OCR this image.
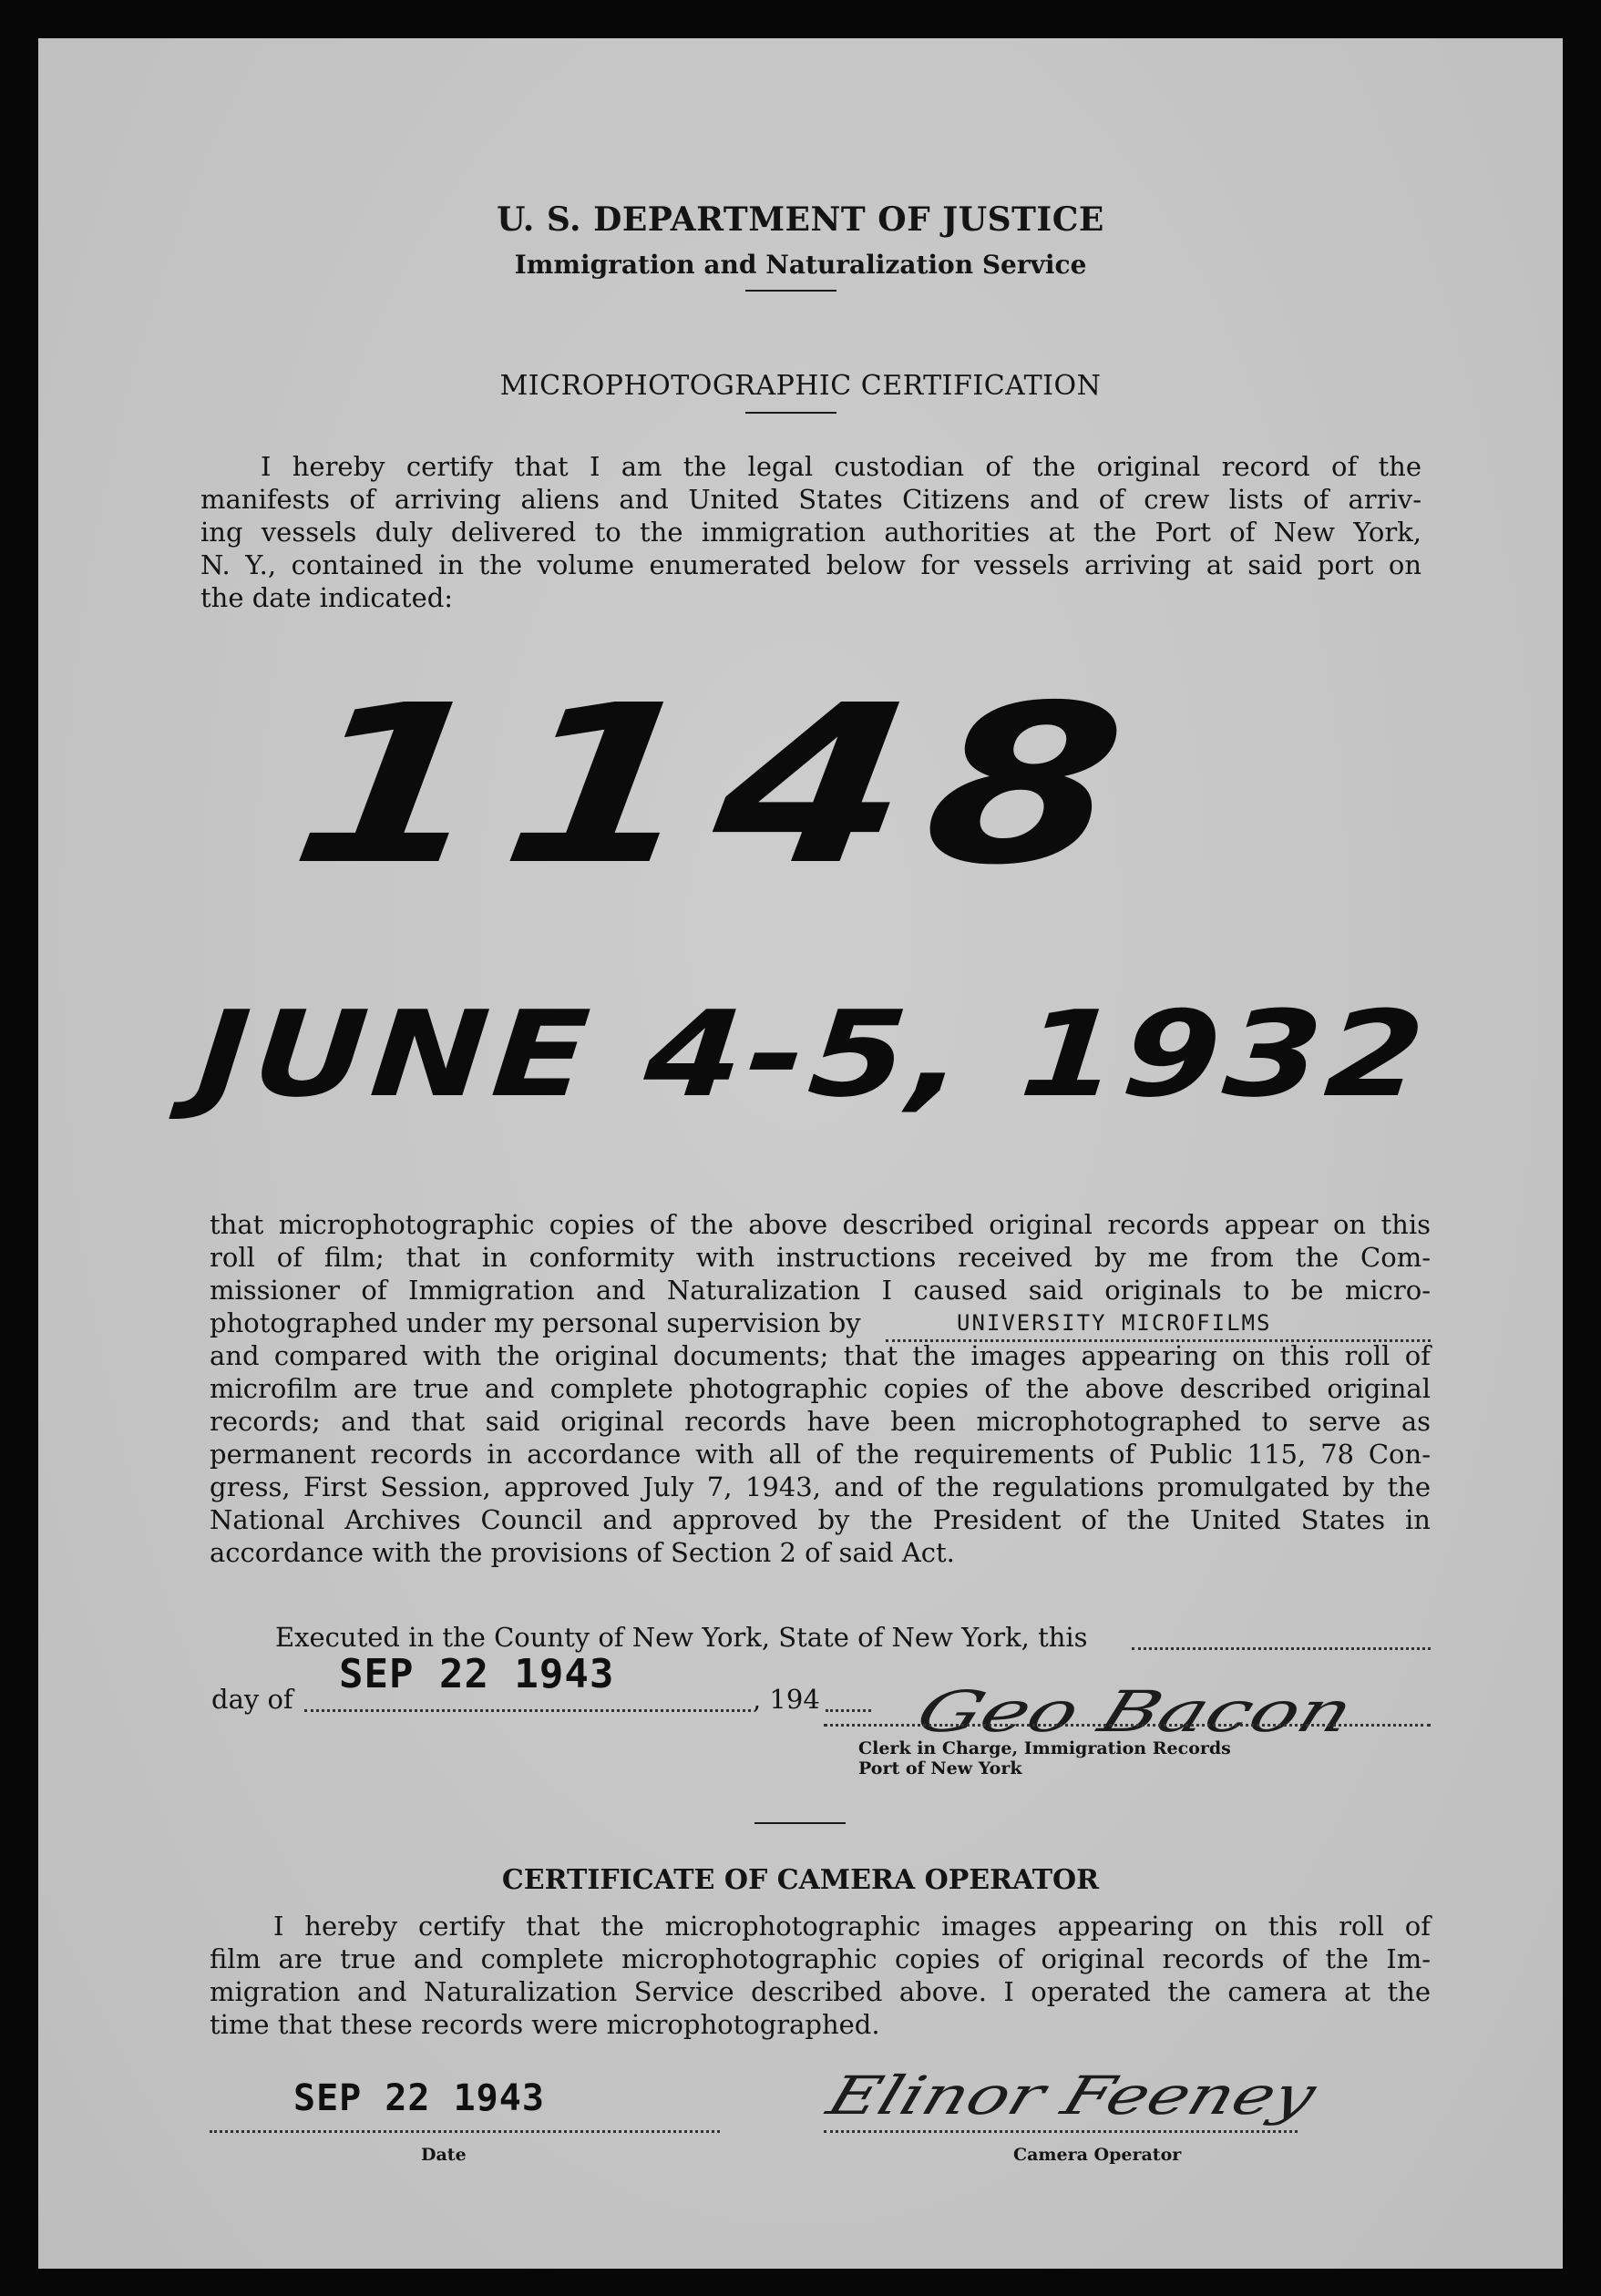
U. S. DEPARTMENT OF JUSTICE
Immigration and Naturalization Service
MICROPHOTOGRAPHIC CERTIFICATION
I hereby certify that I am the legal custodian of the original record of the
manifests of arriving aliens and United States Citizens and of crew lists of arriv-
ing vessels duly delivered to the immigration authorities at the Port of New York,
N. Y., contained in the volume enumerated below for vessels arriving at said port on
the date indicated:
1148
JUNE 4-5, 1932
that microphotographic copies of the above described original records appear on this
roll of film; that in conformity with instructions received by me from the Com-
missioner of Immigration and Naturalization I caused said originals to be micro-
photographed under my personal supervision by
and compared with the original documents; that the images appearing on this roll of
microfilm are true and complete photographic copies of the above described original
records; and that said original records have been microphotographed to serve as
permanent records in accordance with all of the requirements of Public 115, 78 Con-
gress, First Session, approved July 7, 1943, and of the regulations promulgated by the
National Archives Council and approved by the President of the United States in
accordance with the provisions of Section 2 of said Act.
UNIVERSITY MICROFILMS
Executed in the County of New York, State of New York, this
day of
SEP 22 1943
, 194 Geo Bacon
Clerk in Charge, Immigration Records
Port of New York
CERTIFICATE OF CAMERA OPERATOR
I hereby certify that the microphotographic images appearing on this roll of
film are true and complete microphotographic copies of original records of the Im-
migration and Naturalization Service described above. I operated the camera at the
time that these records were microphotographed.
SEP 22 1943
Date
Elinor Feeney
Camera Operator
